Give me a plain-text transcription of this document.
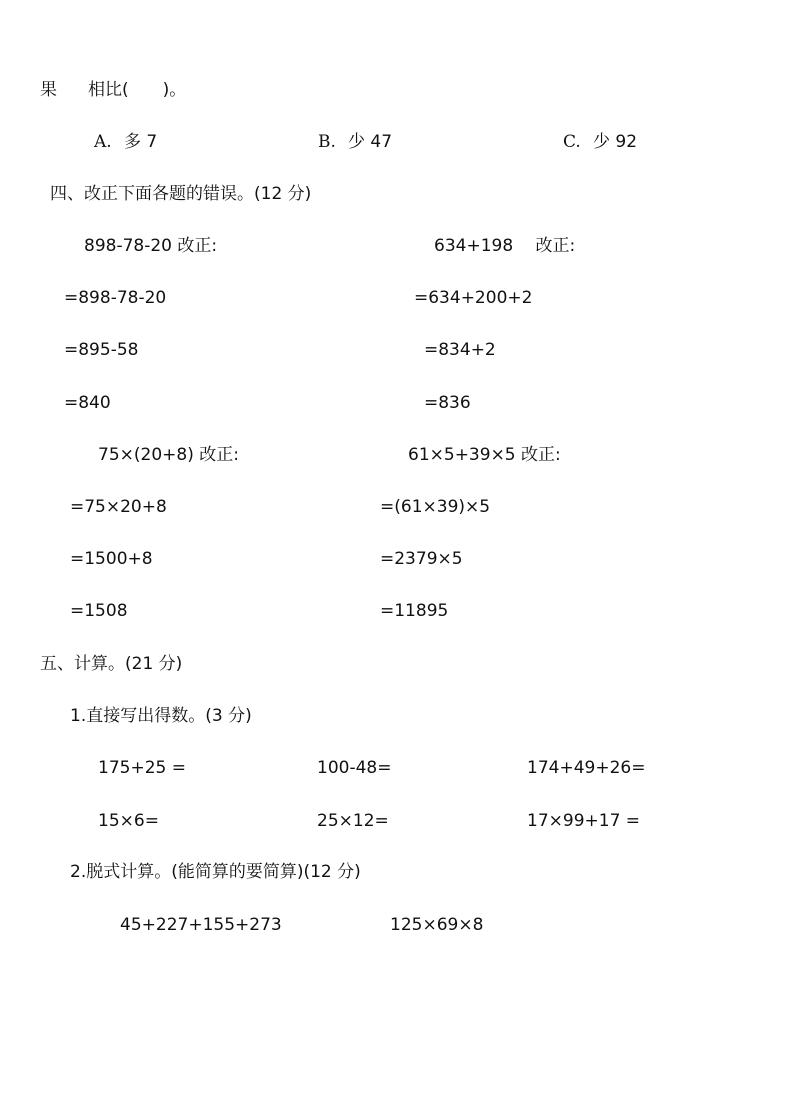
果 相比(　　)。
A. 多 7	B. 少 47	C. 少 92
四、改正下面各题的错误。(12 分)
898-78-20 改正:
=898-78-20
=895-58
=840
634+198　 改正:
=634+200+2
=834+2
=836
75×(20+8) 改正:
=75×20+8
=1500+8
=1508
61×5+39×5 改正:
=(61×39)×5
=2379×5
=11895
五、计算。(21 分)
1.直接写出得数。(3 分)
175+25 =	100-48=	174+49+26=
15×6=	25×12=	17×99+17 =
2.脱式计算。(能简算的要简算)(12 分)
45+227+155+273	125×69×8
